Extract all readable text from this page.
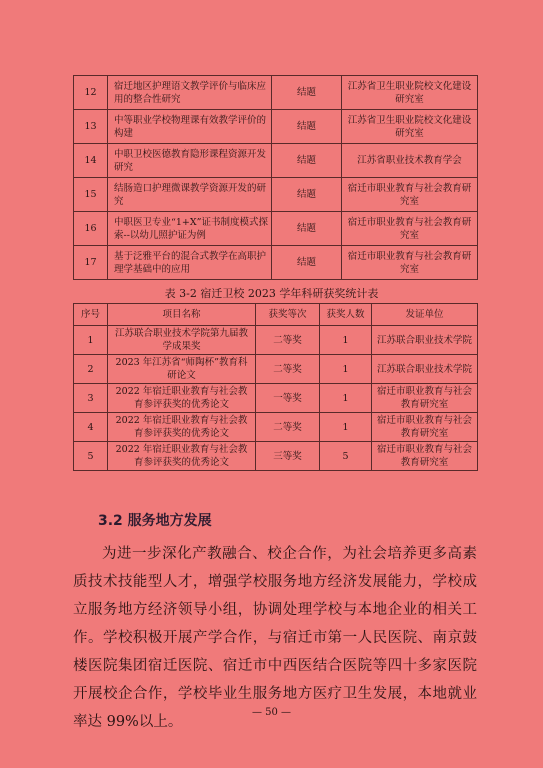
12	宿迁地区护理语文教学评价与临床应用的整合性研究	结题	江苏省卫生职业院校文化建设研究室
13	中等职业学校物理课有效教学评价的构建	结题	江苏省卫生职业院校文化建设研究室
14	中职卫校医德教育隐形课程资源开发研究	结题	江苏省职业技术教育学会
15	结肠造口护理微课教学资源开发的研究	结题	宿迁市职业教育与社会教育研究室
16	中职医卫专业“1+X”证书制度模式探索--以幼儿照护证为例	结题	宿迁市职业教育与社会教育研究室
17	基于泛雅平台的混合式教学在高职护理学基础中的应用	结题	宿迁市职业教育与社会教育研究室
表 3-2 宿迁卫校 2023 学年科研获奖统计表
序号	项目名称	获奖等次	获奖人数	发证单位
1	江苏联合职业技术学院第九届教学成果奖	二等奖	1	江苏联合职业技术学院
2	2023 年江苏省“师陶杯”教育科研论文	二等奖	1	江苏联合职业技术学院
3	2022 年宿迁职业教育与社会教育参评获奖的优秀论文	一等奖	1	宿迁市职业教育与社会教育研究室
4	2022 年宿迁职业教育与社会教育参评获奖的优秀论文	二等奖	1	宿迁市职业教育与社会教育研究室
5	2022 年宿迁职业教育与社会教育参评获奖的优秀论文	三等奖	5	宿迁市职业教育与社会教育研究室
3.2 服务地方发展

为进一步深化产教融合、校企合作，为社会培养更多高素质技术技能型人才，增强学校服务地方经济发展能力，学校成立服务地方经济领导小组，协调处理学校与本地企业的相关工作。学校积极开展产学合作，与宿迁市第一人民医院、南京鼓楼医院集团宿迁医院、宿迁市中西医结合医院等四十多家医院开展校企合作，学校毕业生服务地方医疗卫生发展，本地就业率达 99%以上。

— 50 —
